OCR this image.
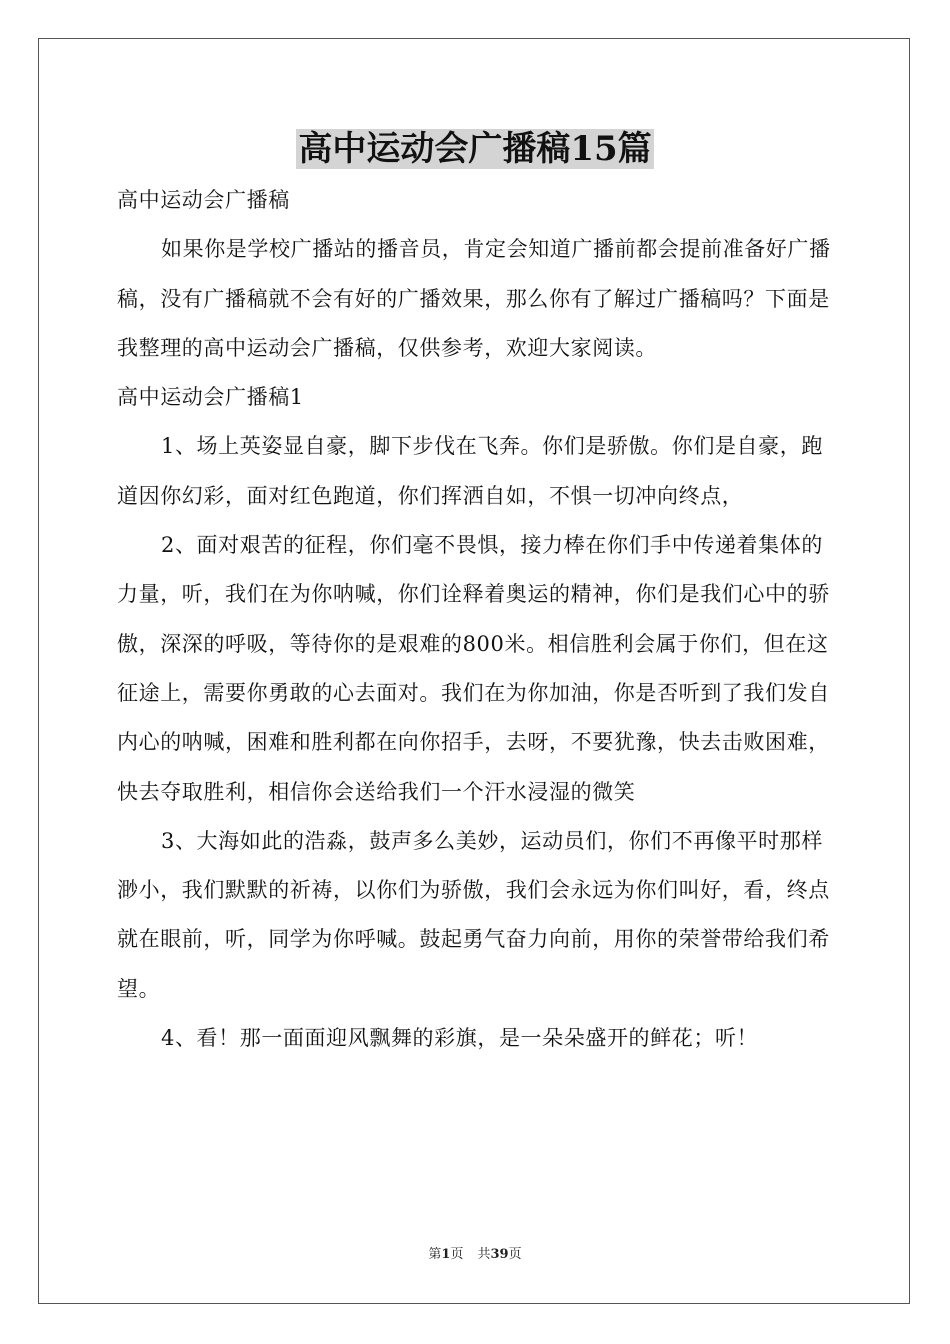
高中运动会广播稿15篇

高中运动会广播稿

如果你是学校广播站的播音员，肯定会知道广播前都会提前准备好广播稿，没有广播稿就不会有好的广播效果，那么你有了解过广播稿吗？下面是我整理的高中运动会广播稿，仅供参考，欢迎大家阅读。

高中运动会广播稿1

1、场上英姿显自豪，脚下步伐在飞奔。你们是骄傲。你们是自豪，跑道因你幻彩，面对红色跑道，你们挥洒自如，不惧一切冲向终点，

2、面对艰苦的征程，你们毫不畏惧，接力棒在你们手中传递着集体的力量，听，我们在为你呐喊，你们诠释着奥运的精神，你们是我们心中的骄傲，深深的呼吸，等待你的是艰难的800米。相信胜利会属于你们，但在这征途上，需要你勇敢的心去面对。我们在为你加油，你是否听到了我们发自内心的呐喊，困难和胜利都在向你招手，去呀，不要犹豫，快去击败困难，快去夺取胜利，相信你会送给我们一个汗水浸湿的微笑

3、大海如此的浩淼，鼓声多么美妙，运动员们，你们不再像平时那样渺小，我们默默的祈祷，以你们为骄傲，我们会永远为你们叫好，看，终点就在眼前，听，同学为你呼喊。鼓起勇气奋力向前，用你的荣誉带给我们希望。

4、看！那一面面迎风飘舞的彩旗，是一朵朵盛开的鲜花；听！

第1页 共39页
